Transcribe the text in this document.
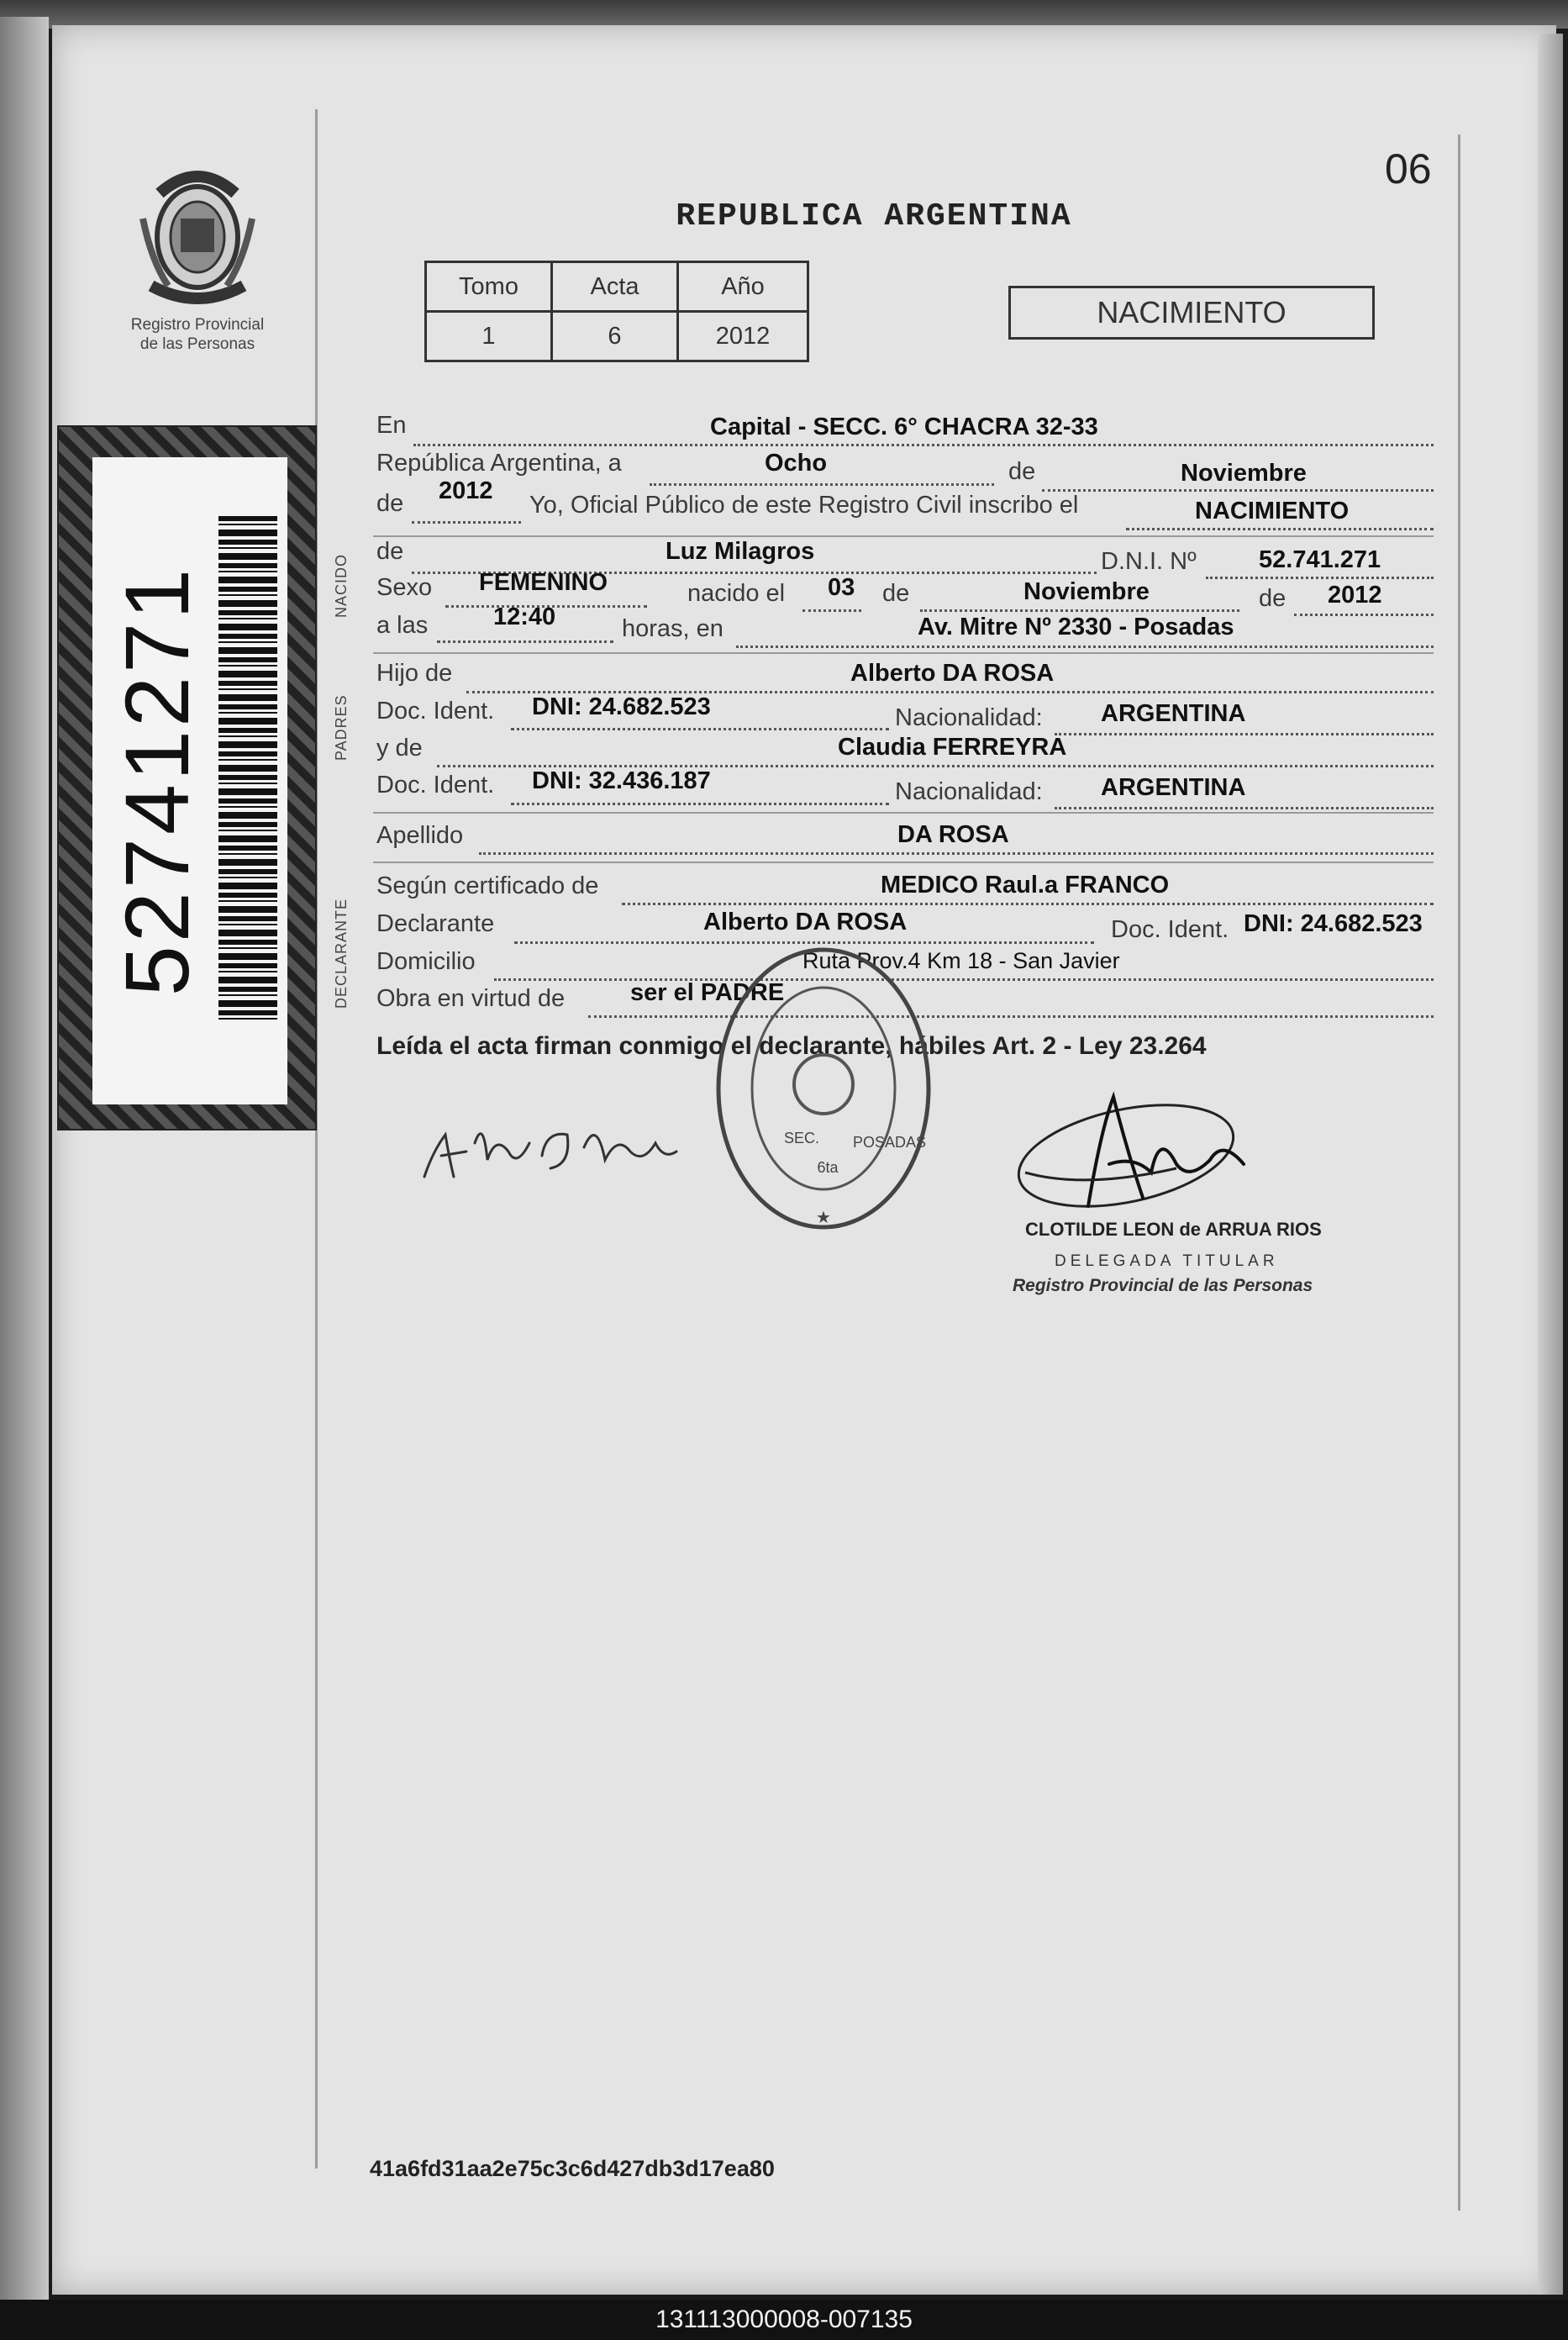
Registro Provincial
de las Personas
52741271
06
REPUBLICA ARGENTINA
Tomo	Acta	Año
1	6	2012
NACIMIENTO
NACIDO
PADRES
DECLARANTE
En	Capital - SECC. 6° CHACRA 32-33
República Argentina, a	Ocho	de	Noviembre
de 2012
Yo, Oficial Público de este Registro Civil inscribo el	NACIMIENTO
de	Luz Milagros	D.N.I. Nº	52.741.271
Sexo FEMENINO	nacido el 03 de	Noviembre	de 2012
a las	12:40	horas, en	Av. Mitre Nº 2330 - Posadas
Hijo de	Alberto DA ROSA
Doc. Ident. DNI: 24.682.523	Nacionalidad: ARGENTINA
y de	Claudia FERREYRA
Doc. Ident. DNI: 32.436.187	Nacionalidad: ARGENTINA
Apellido	DA ROSA
Según certificado de	MEDICO Raul.a FRANCO
Declarante	Alberto DA ROSA	Doc. Ident. DNI: 24.682.523
Domicilio	Ruta Prov.4 Km 18 - San Javier
Obra en virtud de	ser el PADRE
Leída el acta firman conmigo el declarante, hábiles Art. 2 - Ley 23.264
SEC.
6ta
POSADAS
★
CLOTILDE LEON de ARRUA RIOS
DELEGADA TITULAR
Registro Provincial de las Personas
41a6fd31aa2e75c3c6d427db3d17ea80
131113000008-007135
